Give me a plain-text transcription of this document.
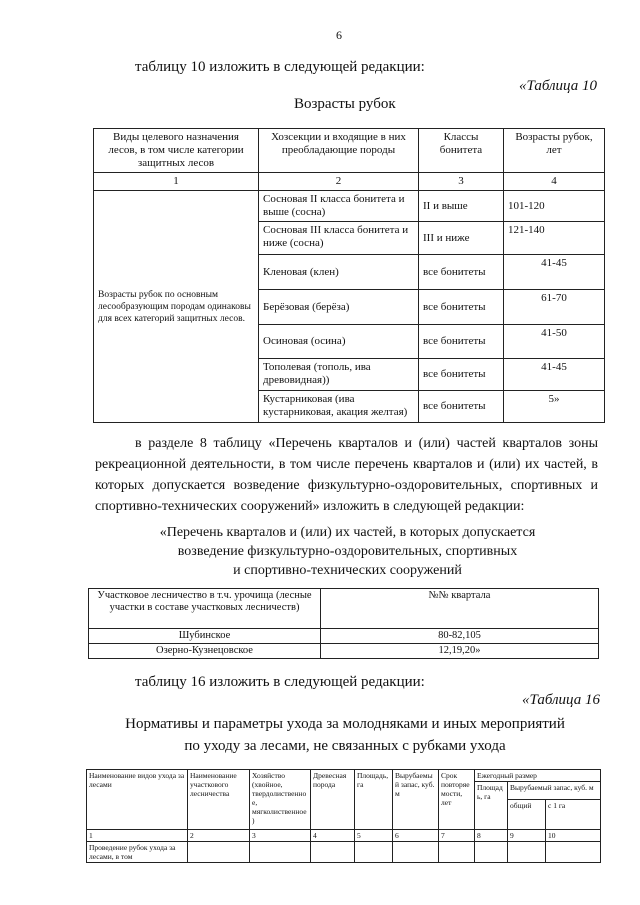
6
таблицу 10 изложить в следующей редакции:
«Таблица 10
Возрасты рубок
Виды целевого назначения лесов, в том числе категории защитных лесов	Хозсекции и входящие в них преобладающие породы	Классы бонитета	Возрасты рубок, лет
1	2	3	4
Возрасты рубок по основным лесообразующим породам одинаковы для всех категорий защитных лесов.	Сосновая II класса бонитета и выше (сосна)	II и выше	101-120
	Сосновая III класса бонитета и ниже (сосна)	III и ниже	121-140
	Кленовая (клен)	все бонитеты	41-45
	Берёзовая (берёза)	все бонитеты	61-70
	Осиновая (осина)	все бонитеты	41-50
	Тополевая (тополь, ива древовидная))	все бонитеты	41-45
	Кустарниковая (ива кустарниковая, акация желтая)	все бонитеты	5»
в разделе 8 таблицу «Перечень кварталов и (или) частей кварталов зоны рекреационной деятельности, в том числе перечень кварталов и (или) их частей, в которых допускается возведение физкультурно-оздоровительных, спортивных и спортивно-технических сооружений» изложить в следующей редакции:
«Перечень кварталов и (или) их частей, в которых допускается
возведение физкультурно-оздоровительных, спортивных
и спортивно-технических сооружений
Участковое лесничество в т.ч. урочища (лесные участки в составе участковых лесничеств)	№№ квартала
Шубинское	80-82,105
Озерно-Кузнецовское	12,19,20»
таблицу 16 изложить в следующей редакции:
«Таблица 16
Нормативы и параметры ухода за молодняками и иных мероприятий
по уходу за лесами, не связанных с рубками ухода
Наименование видов ухода за лесами	Наименование участкового лесничества	Хозяйство (хвойное, твердолиственное, мягколиственное)	Древесная порода	Площадь, га	Вырубаемый запас, куб. м	Срок повторяемости, лет	Ежегодный размер		
							Площадь, га	Вырубаемый запас, куб. м	
								общий	с 1 га
1	2	3	4	5	6	7	8	9	10
Проведение рубок ухода за лесами, в том									
